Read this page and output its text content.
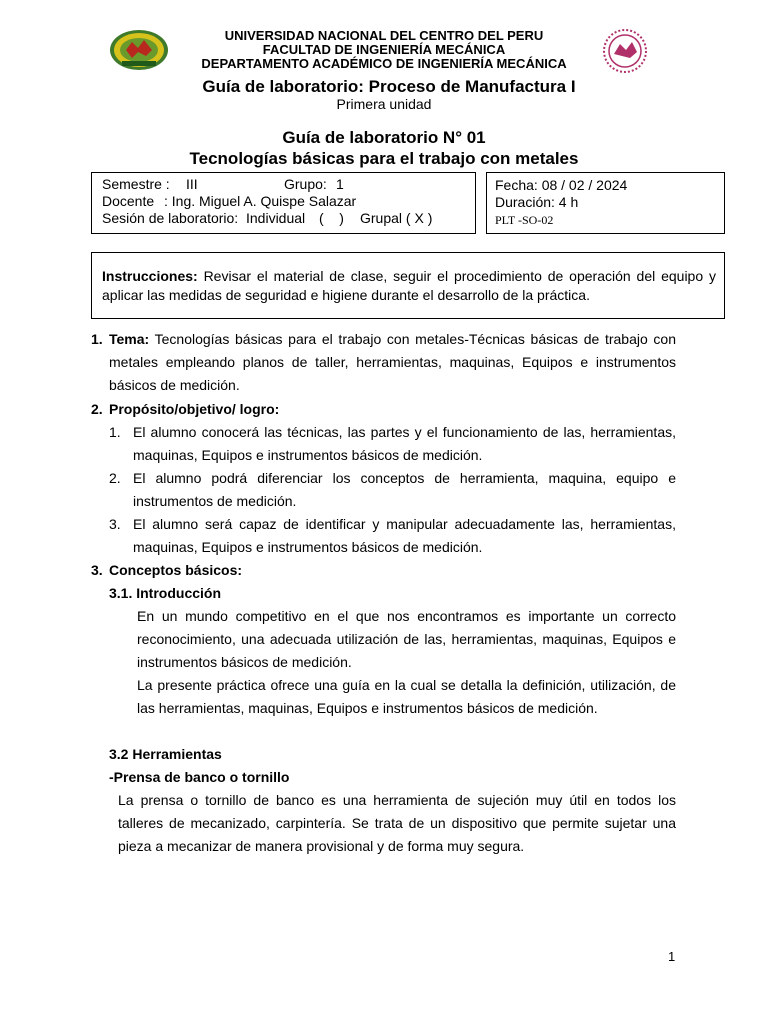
UNIVERSIDAD NACIONAL DEL CENTRO DEL PERU
FACULTAD DE INGENIERÍA MECÁNICA
DEPARTAMENTO ACADÉMICO DE INGENIERÍA MECÁNICA
Guía de laboratorio: Proceso de Manufactura I
Primera unidad
Guía de laboratorio N° 01
Tecnologías básicas para el trabajo con metales
Semestre : III	Grupo: 1
Docente : Ing. Miguel A. Quispe Salazar
Sesión de laboratorio: Individual (    ) Grupal ( X )
Fecha: 08 / 02 / 2024
Duración: 4 h
PLT -SO-02
Instrucciones: Revisar el material de clase, seguir el procedimiento de operación del equipo y
aplicar las medidas de seguridad e higiene durante el desarrollo de la práctica.
1. Tema: Tecnologías básicas para el trabajo con metales-Técnicas básicas de trabajo con
metales empleando planos de taller, herramientas, maquinas, Equipos e instrumentos
básicos de medición.
2. Propósito/objetivo/ logro:
1. El alumno conocerá las técnicas, las partes y el funcionamiento de las, herramientas,
maquinas, Equipos e instrumentos básicos de medición.
2. El alumno podrá diferenciar los conceptos de herramienta, maquina, equipo e
instrumentos de medición.
3. El alumno será capaz de identificar y manipular adecuadamente las, herramientas,
maquinas, Equipos e instrumentos básicos de medición.
3. Conceptos básicos:
3.1. Introducción
En un mundo competitivo en el que nos encontramos es importante un correcto
reconocimiento, una adecuada utilización de las, herramientas, maquinas, Equipos e
instrumentos básicos de medición.
La presente práctica ofrece una guía en la cual se detalla la definición, utilización, de
las herramientas, maquinas, Equipos e instrumentos básicos de medición.
3.2 Herramientas
-Prensa de banco o tornillo
La prensa o tornillo de banco es una herramienta de sujeción muy útil en todos los
talleres de mecanizado, carpintería. Se trata de un dispositivo que permite sujetar una
pieza a mecanizar de manera provisional y de forma muy segura.
1
